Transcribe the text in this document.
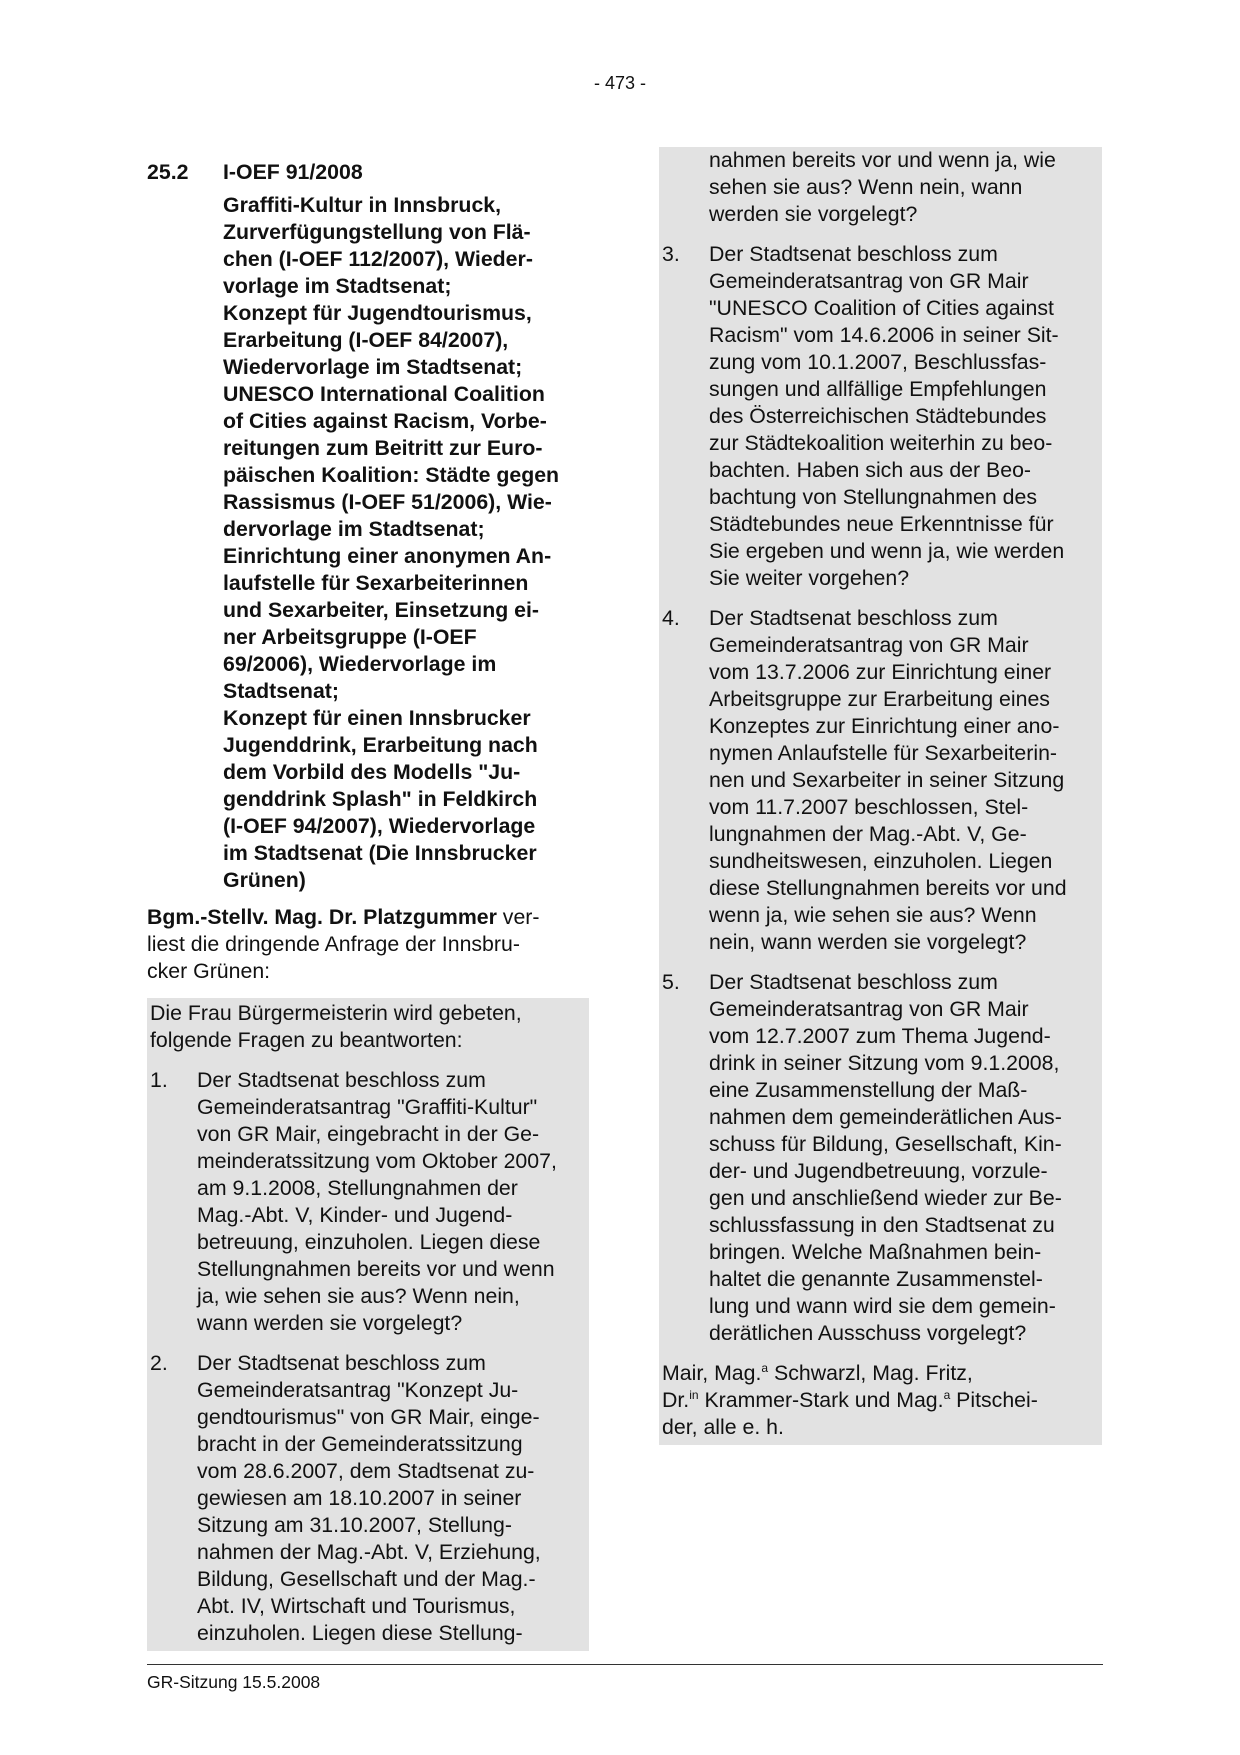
- 473 -
25.2	I-OEF 91/2008
Graffiti-Kultur in Innsbruck,
Zurverfügungstellung von Flä-
chen (I-OEF 112/2007), Wieder-
vorlage im Stadtsenat;
Konzept für Jugendtourismus,
Erarbeitung (I-OEF 84/2007),
Wiedervorlage im Stadtsenat;
UNESCO International Coalition
of Cities against Racism, Vorbe-
reitungen zum Beitritt zur Euro-
päischen Koalition: Städte gegen
Rassismus (I-OEF 51/2006), Wie-
dervorlage im Stadtsenat;
Einrichtung einer anonymen An-
laufstelle für Sexarbeiterinnen
und Sexarbeiter, Einsetzung ei-
ner Arbeitsgruppe (I-OEF
69/2006), Wiedervorlage im
Stadtsenat;
Konzept für einen Innsbrucker
Jugenddrink, Erarbeitung nach
dem Vorbild des Modells "Ju-
genddrink Splash" in Feldkirch
(I-OEF 94/2007), Wiedervorlage
im Stadtsenat (Die Innsbrucker
Grünen)
Bgm.-Stellv. Mag. Dr. Platzgummer ver-
liest die dringende Anfrage der Innsbru-
cker Grünen:
Die Frau Bürgermeisterin wird gebeten,
folgende Fragen zu beantworten:
1.	Der Stadtsenat beschloss zum
Gemeinderatsantrag "Graffiti-Kultur"
von GR Mair, eingebracht in der Ge-
meinderatssitzung vom Oktober 2007,
am 9.1.2008, Stellungnahmen der
Mag.-Abt. V, Kinder- und Jugend-
betreuung, einzuholen. Liegen diese
Stellungnahmen bereits vor und wenn
ja, wie sehen sie aus? Wenn nein,
wann werden sie vorgelegt?
2.	Der Stadtsenat beschloss zum
Gemeinderatsantrag "Konzept Ju-
gendtourismus" von GR Mair, einge-
bracht in der Gemeinderatssitzung
vom 28.6.2007, dem Stadtsenat zu-
gewiesen am 18.10.2007 in seiner
Sitzung am 31.10.2007, Stellung-
nahmen der Mag.-Abt. V, Erziehung,
Bildung, Gesellschaft und der Mag.-
Abt. IV, Wirtschaft und Tourismus,
einzuholen. Liegen diese Stellung-
nahmen bereits vor und wenn ja, wie
sehen sie aus? Wenn nein, wann
werden sie vorgelegt?
3.	Der Stadtsenat beschloss zum
Gemeinderatsantrag von GR Mair
"UNESCO Coalition of Cities against
Racism" vom 14.6.2006 in seiner Sit-
zung vom 10.1.2007, Beschlussfas-
sungen und allfällige Empfehlungen
des Österreichischen Städtebundes
zur Städtekoalition weiterhin zu beo-
bachten. Haben sich aus der Beo-
bachtung von Stellungnahmen des
Städtebundes neue Erkenntnisse für
Sie ergeben und wenn ja, wie werden
Sie weiter vorgehen?
4.	Der Stadtsenat beschloss zum
Gemeinderatsantrag von GR Mair
vom 13.7.2006 zur Einrichtung einer
Arbeitsgruppe zur Erarbeitung eines
Konzeptes zur Einrichtung einer ano-
nymen Anlaufstelle für Sexarbeiterin-
nen und Sexarbeiter in seiner Sitzung
vom 11.7.2007 beschlossen, Stel-
lungnahmen der Mag.-Abt. V, Ge-
sundheitswesen, einzuholen. Liegen
diese Stellungnahmen bereits vor und
wenn ja, wie sehen sie aus? Wenn
nein, wann werden sie vorgelegt?
5.	Der Stadtsenat beschloss zum
Gemeinderatsantrag von GR Mair
vom 12.7.2007 zum Thema Jugend-
drink in seiner Sitzung vom 9.1.2008,
eine Zusammenstellung der Maß-
nahmen dem gemeinderätlichen Aus-
schuss für Bildung, Gesellschaft, Kin-
der- und Jugendbetreuung, vorzule-
gen und anschließend wieder zur Be-
schlussfassung in den Stadtsenat zu
bringen. Welche Maßnahmen bein-
haltet die genannte Zusammenstel-
lung und wann wird sie dem gemein-
derätlichen Ausschuss vorgelegt?
Mair, Mag.$^a$ Schwarzl, Mag. Fritz,
Dr.$^{in}$ Krammer-Stark und Mag.$^a$ Pitschei-
der, alle e. h.
GR-Sitzung 15.5.2008
